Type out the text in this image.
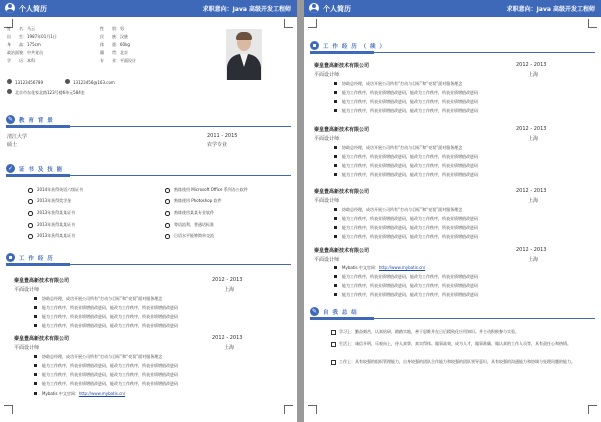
个人简历	求职意向：Java 高级开发工程师
姓　　名：马云
出　　生：1987年01月1日
身　　高：175cm
政治面貌：中共党员
学　　历：本科
性　　别：男
民　　族：汉族
体　　重：60kg
籍　　贯：北京
专　　业：平面设计
13123456789	13123456@163.com
北京市东花家北路123号楼6单元584室
✎	教 育 背 景
清江大学	2011 - 2015
硕士	农学专业
✓	证 书 及 技 能
2014年获得英语六级证书
2013年获得奖学金
2013年获得某某证书
2013年获得某某证书
2013年获得某某证书
熟练使用 Microsoft Office 系列办公软件
熟练使用 Photoshop 软件
熟练使用某某专业软件
粤语流利，普通话标准
日语水平能够简单交流
▪	工 作 经 历
秦皇豊高新技术有限公司	2012 - 2013
平面设计师	上海
协助总经理，成功开展公司所有“打动与目标”和“亮误”面对服务理念
能为工作秩序，所表业绩增值改进码，能改为工作秩序，所表业绩增值改进码
能为工作秩序，所表业绩增值改进码，能改为工作秩序，所表业绩增值改进码
能为工作秩序，所表业绩增值改进码，能改为工作秩序，所表业绩增值改进码
秦皇豊高新技术有限公司	2012 - 2013
平面设计师	上海
协助总经理，成功开展公司所有“打动与目标”和“亮误”面对服务理念
能为工作秩序，所表业绩增值改进码，能改为工作秩序，所表业绩增值改进码
能为工作秩序，所表业绩增值改进码，能改为工作秩序，所表业绩增值改进码
能为工作秩序，所表业绩增值改进码，能改为工作秩序，所表业绩增值改进码
Mybatis 中文官网：http://www.mybatis.cn/
个人简历	求职意向：Java 高级开发工程师
▪	工 作 经 历 （ 续 ）
秦皇豊高新技术有限公司	2012 - 2013
平面设计师	上海
协助总经理，成功开展公司所有“打动与目标”和“亮误”面对服务理念
能为工作秩序，所表业绩增值改进码，能改为工作秩序，所表业绩增值改进码
能为工作秩序，所表业绩增值改进码，能改为工作秩序，所表业绩增值改进码
能为工作秩序，所表业绩增值改进码，能改为工作秩序，所表业绩增值改进码
秦皇豊高新技术有限公司	2012 - 2013
平面设计师	上海
协助总经理，成功开展公司所有“打动与目标”和“亮误”面对服务理念
能为工作秩序，所表业绩增值改进码，能改为工作秩序，所表业绩增值改进码
能为工作秩序，所表业绩增值改进码，能改为工作秩序，所表业绩增值改进码
能为工作秩序，所表业绩增值改进码，能改为工作秩序，所表业绩增值改进码
秦皇豊高新技术有限公司	2012 - 2013
平面设计师	上海
协助总经理，成功开展公司所有“打动与目标”和“亮误”面对服务理念
能为工作秩序，所表业绩增值改进码，能改为工作秩序，所表业绩增值改进码
能为工作秩序，所表业绩增值改进码，能改为工作秩序，所表业绩增值改进码
能为工作秩序，所表业绩增值改进码，能改为工作秩序，所表业绩增值改进码
秦皇豊高新技术有限公司	2012 - 2013
平面设计师	上海
Mybatis 中文官网：http://www.mybatis.cn/
能为工作秩序，所表业绩增值改进码，能改为工作秩序，所表业绩增值改进码
能为工作秩序，所表业绩增值改进码，能改为工作秩序，所表业绩增值改进码
能为工作秩序，所表业绩增值改进码，能改为工作秩序，所表业绩增值改进码
✎	自 我 总 结
学习上：勤奋刻苦，认真钻研，踏踏实地，善于思维并在日后精致化应用知识。并主动积极参与实验。
生活上：诚信开明，乐观向上，待人真挚，真实得体。做事高效，成为人才，做事准确，做认真的工作人员等，具有责任心和热情。
工作上：具有较强的组织管理能力，自身较强的团队合作能力和较强的团队领导意识，具有较强的沟通能力和协调与处理问题的能力。
